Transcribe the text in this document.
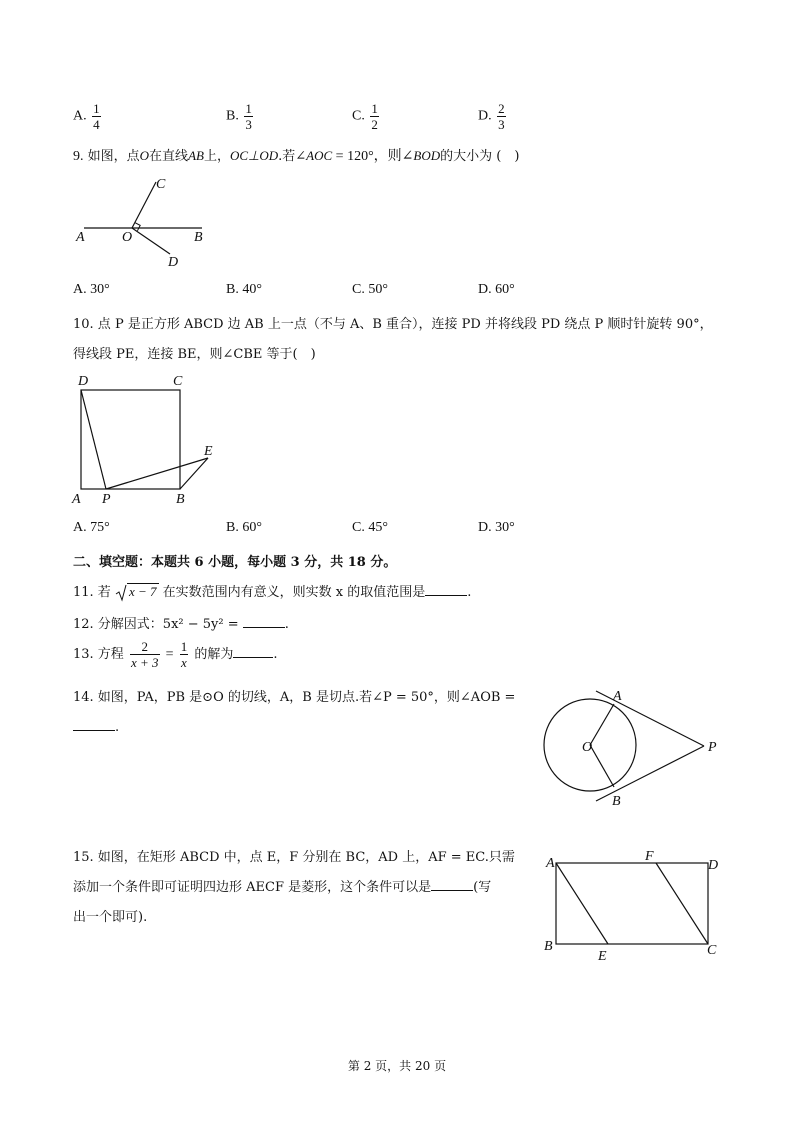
A. $\frac{1}{4}$	B. $\frac{1}{3}$	C. $\frac{1}{2}$	D. $\frac{2}{3}$
9. 如图，点O在直线AB上，OC⊥OD.若∠AOC = 120°，则∠BOD的大小为 (　)
A	O	B
C
D
A. 30°	B. 40°	C. 50°	D. 60°
10. 点 P 是正方形 ABCD 边 AB 上一点（不与 A、B 重合），连接 PD 并将线段 PD 绕点 P 顺时针旋转 90°，
得线段 PE，连接 BE，则∠CBE 等于(　)
D	C
E
A P	B
A. 75°	B. 60°	C. 45°	D. 30°
二、填空题：本题共 6 小题，每小题 3 分，共 18 分。
11. 若 x − 7 在实数范围内有意义，则实数 x 的取值范围是	.
12. 分解因式：5x² − 5y² =	.
13. 方程 $\frac{2}{x + 3} = \frac{1}{x}$ 的解为	.
14. 如图，PA，PB 是⊙O 的切线，A，B 是切点.若∠P = 50°，则∠AOB =
.
A
O	P
B
15. 如图，在矩形 ABCD 中，点 E，F 分别在 BC，AD 上，AF = EC.只需
添加一个条件即可证明四边形 AECF 是菱形，这个条件可以是	(写
出一个即可).
A	F
D
B
E	C
第 2 页，共 20 页
